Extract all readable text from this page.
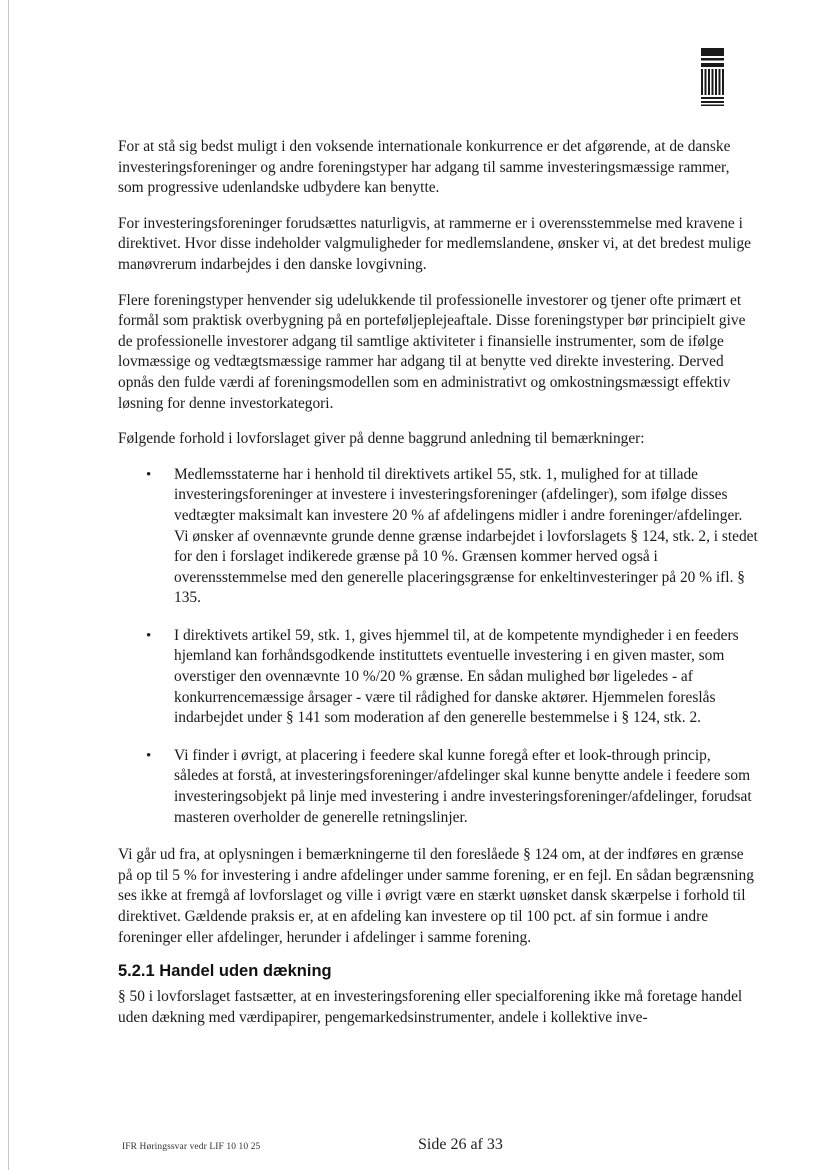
For at stå sig bedst muligt i den voksende internationale konkurrence er det afgørende, at de danske investeringsforeninger og andre foreningstyper har adgang til samme investeringsmæssige rammer, som progressive udenlandske udbydere kan benytte.

For investeringsforeninger forudsættes naturligvis, at rammerne er i overensstemmelse med kravene i direktivet. Hvor disse indeholder valgmuligheder for medlemslandene, ønsker vi, at det bredest mulige manøvrerum indarbejdes i den danske lovgivning.

Flere foreningstyper henvender sig udelukkende til professionelle investorer og tjener ofte primært et formål som praktisk overbygning på en porteføljeplejeaftale. Disse foreningstyper bør principielt give de professionelle investorer adgang til samtlige aktiviteter i finansielle instrumenter, som de ifølge lovmæssige og vedtægtsmæssige rammer har adgang til at benytte ved direkte investering. Derved opnås den fulde værdi af foreningsmodellen som en administrativt og omkostningsmæssigt effektiv løsning for denne investorkategori.

Følgende forhold i lovforslaget giver på denne baggrund anledning til bemærkninger:

• Medlemsstaterne har i henhold til direktivets artikel 55, stk. 1, mulighed for at tillade investeringsforeninger at investere i investeringsforeninger (afdelinger), som ifølge disses vedtægter maksimalt kan investere 20 % af afdelingens midler i andre foreninger/afdelinger. Vi ønsker af ovennævnte grunde denne grænse indarbejdet i lovforslagets § 124, stk. 2, i stedet for den i forslaget indikerede grænse på 10 %. Grænsen kommer herved også i overensstemmelse med den generelle placeringsgrænse for enkeltinvesteringer på 20 % ifl. § 135.
• I direktivets artikel 59, stk. 1, gives hjemmel til, at de kompetente myndigheder i en feeders hjemland kan forhåndsgodkende instituttets eventuelle investering i en given master, som overstiger den ovennævnte 10 %/20 % grænse. En sådan mulighed bør ligeledes - af konkurrencemæssige årsager - være til rådighed for danske aktører. Hjemmelen foreslås indarbejdet under § 141 som moderation af den generelle bestemmelse i § 124, stk. 2.
• Vi finder i øvrigt, at placering i feedere skal kunne foregå efter et look-through princip, således at forstå, at investeringsforeninger/afdelinger skal kunne benytte andele i feedere som investeringsobjekt på linje med investering i andre investeringsforeninger/afdelinger, forudsat masteren overholder de generelle retningslinjer.

Vi går ud fra, at oplysningen i bemærkningerne til den foreslåede § 124 om, at der indføres en grænse på op til 5 % for investering i andre afdelinger under samme forening, er en fejl. En sådan begrænsning ses ikke at fremgå af lovforslaget og ville i øvrigt være en stærkt uønsket dansk skærpelse i forhold til direktivet. Gældende praksis er, at en afdeling kan investere op til 100 pct. af sin formue i andre foreninger eller afdelinger, herunder i afdelinger i samme forening.

5.2.1 Handel uden dækning

§ 50 i lovforslaget fastsætter, at en investeringsforening eller specialforening ikke må foretage handel uden dækning med værdipapirer, pengemarkedsinstrumenter, andele i kollektive inve-

IFR Høringssvar vedr LIF 10 10 25	Side 26 af 33
